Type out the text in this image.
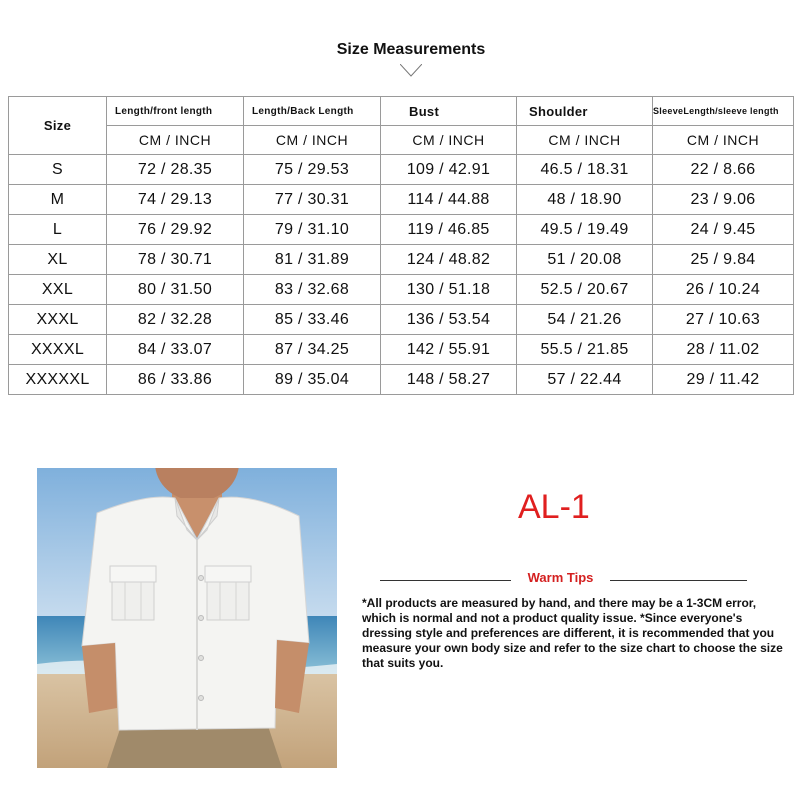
Size Measurements
Size	Length/front length	Length/Back Length	Bust	Shoulder	SleeveLength/sleeve length
	CM / INCH	CM / INCH	CM / INCH	CM / INCH	CM / INCH
S	72 / 28.35	75 / 29.53	109 / 42.91	46.5 / 18.31	22 / 8.66
M	74 / 29.13	77 / 30.31	114 / 44.88	48 / 18.90	23 / 9.06
L	76 / 29.92	79 / 31.10	119 / 46.85	49.5 / 19.49	24 / 9.45
XL	78 / 30.71	81 / 31.89	124 / 48.82	51 / 20.08	25 / 9.84
XXL	80 / 31.50	83 / 32.68	130 / 51.18	52.5 / 20.67	26 / 10.24
XXXL	82 / 32.28	85 / 33.46	136 / 53.54	54 / 21.26	27 / 10.63
XXXXL	84 / 33.07	87 / 34.25	142 / 55.91	55.5 / 21.85	28 / 11.02
XXXXXL	86 / 33.86	89 / 35.04	148 / 58.27	57 / 22.44	29 / 11.42
AL-1
Warm Tips
*All products are measured by hand, and there may be a 1-3CM error, which is normal and not a product quality issue. *Since everyone's dressing style and preferences are different, it is recommended that you measure your own body size and refer to the size chart to choose the size that suits you.
